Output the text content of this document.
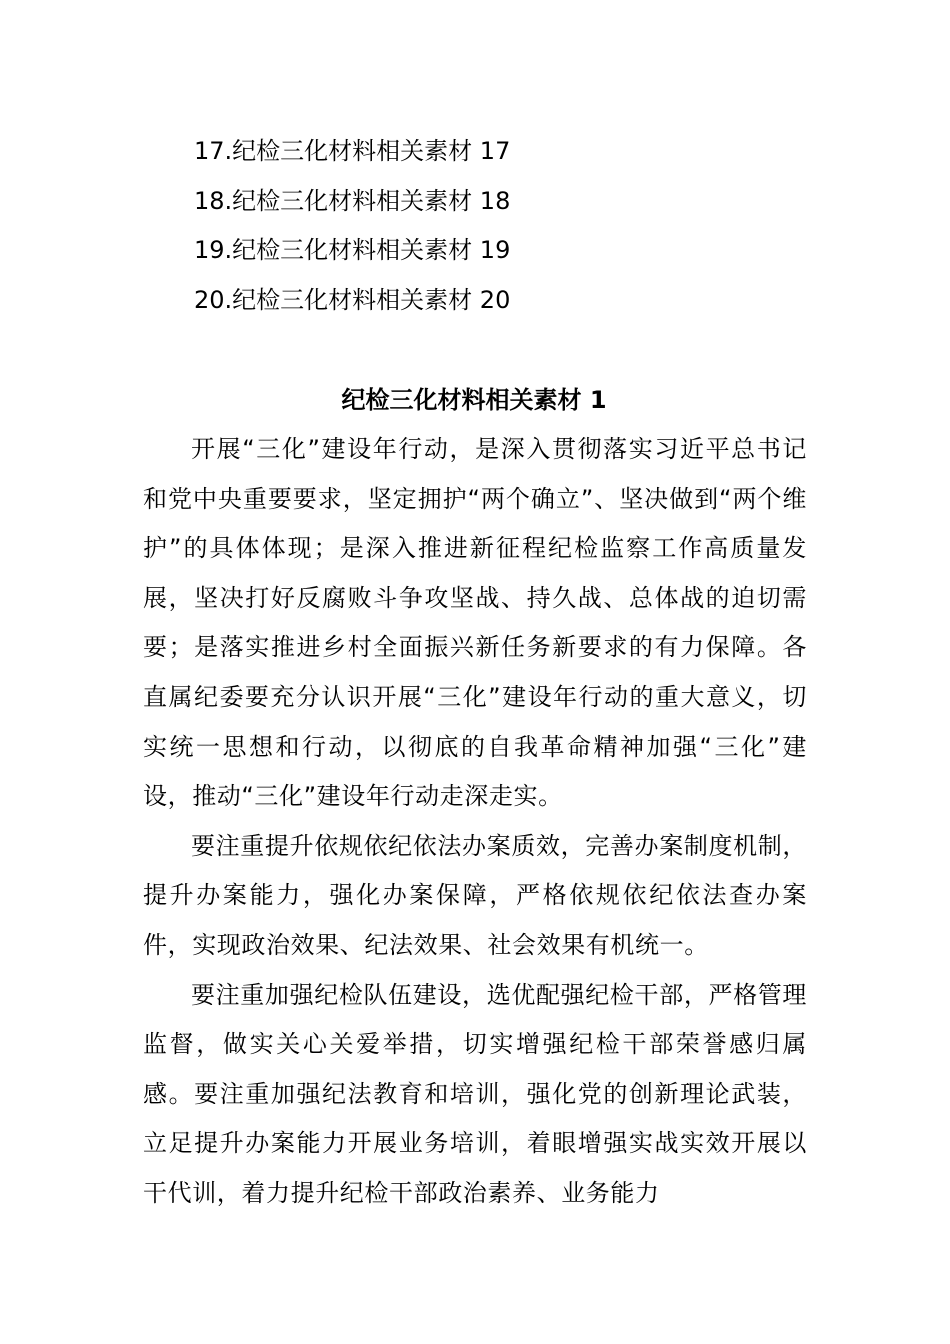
17.纪检三化材料相关素材 17
18.纪检三化材料相关素材 18
19.纪检三化材料相关素材 19
20.纪检三化材料相关素材 20
纪检三化材料相关素材 1

开展“三化”建设年行动，是深入贯彻落实习近平总书记和党中央重要要求，坚定拥护“两个确立”、坚决做到“两个维护”的具体体现；是深入推进新征程纪检监察工作高质量发展，坚决打好反腐败斗争攻坚战、持久战、总体战的迫切需要；是落实推进乡村全面振兴新任务新要求的有力保障。各直属纪委要充分认识开展“三化”建设年行动的重大意义，切实统一思想和行动，以彻底的自我革命精神加强“三化”建设，推动“三化”建设年行动走深走实。

要注重提升依规依纪依法办案质效，完善办案制度机制，提升办案能力，强化办案保障，严格依规依纪依法查办案件，实现政治效果、纪法效果、社会效果有机统一。

要注重加强纪检队伍建设，选优配强纪检干部，严格管理监督，做实关心关爱举措，切实增强纪检干部荣誉感归属感。要注重加强纪法教育和培训，强化党的创新理论武装，立足提升办案能力开展业务培训，着眼增强实战实效开展以干代训，着力提升纪检干部政治素养、业务能力
